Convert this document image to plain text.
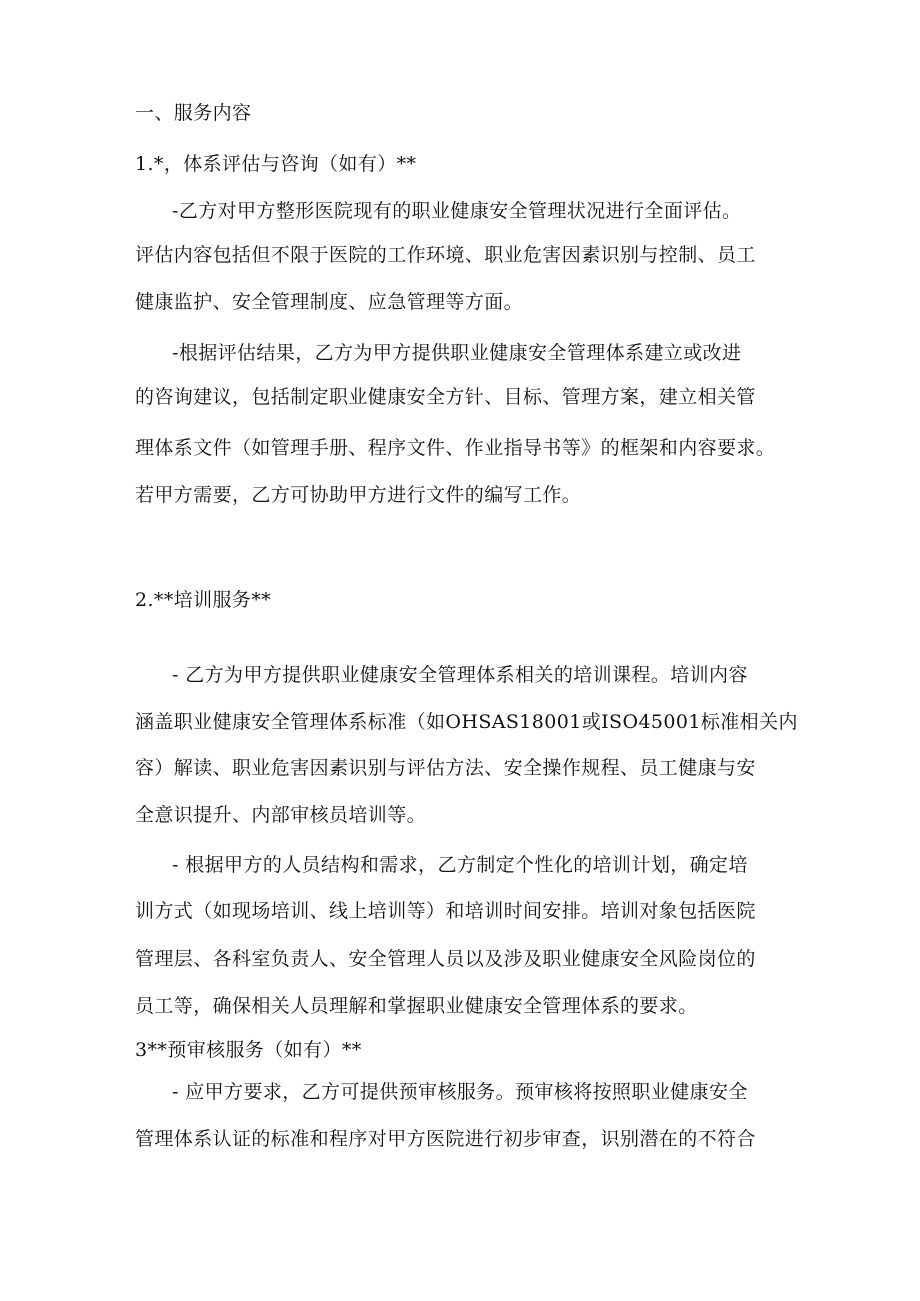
一、服务内容
1.*，体系评估与咨询（如有）**
-乙方对甲方整形医院现有的职业健康安全管理状况进行全面评估。
评估内容包括但不限于医院的工作环境、职业危害因素识别与控制、员工
健康监护、安全管理制度、应急管理等方面。
-根据评估结果，乙方为甲方提供职业健康安全管理体系建立或改进
的咨询建议，包括制定职业健康安全方针、目标、管理方案，建立相关管
理体系文件（如管理手册、程序文件、作业指导书等》的框架和内容要求。
若甲方需要，乙方可协助甲方进行文件的编写工作。
2.**培训服务**
- 乙方为甲方提供职业健康安全管理体系相关的培训课程。培训内容
涵盖职业健康安全管理体系标准（如OHSAS18001或ISO45001标准相关内
容）解读、职业危害因素识别与评估方法、安全操作规程、员工健康与安
全意识提升、内部审核员培训等。
- 根据甲方的人员结构和需求，乙方制定个性化的培训计划，确定培
训方式（如现场培训、线上培训等）和培训时间安排。培训对象包括医院
管理层、各科室负责人、安全管理人员以及涉及职业健康安全风险岗位的
员工等，确保相关人员理解和掌握职业健康安全管理体系的要求。
3**预审核服务（如有）**
- 应甲方要求，乙方可提供预审核服务。预审核将按照职业健康安全
管理体系认证的标准和程序对甲方医院进行初步审查，识别潜在的不符合
